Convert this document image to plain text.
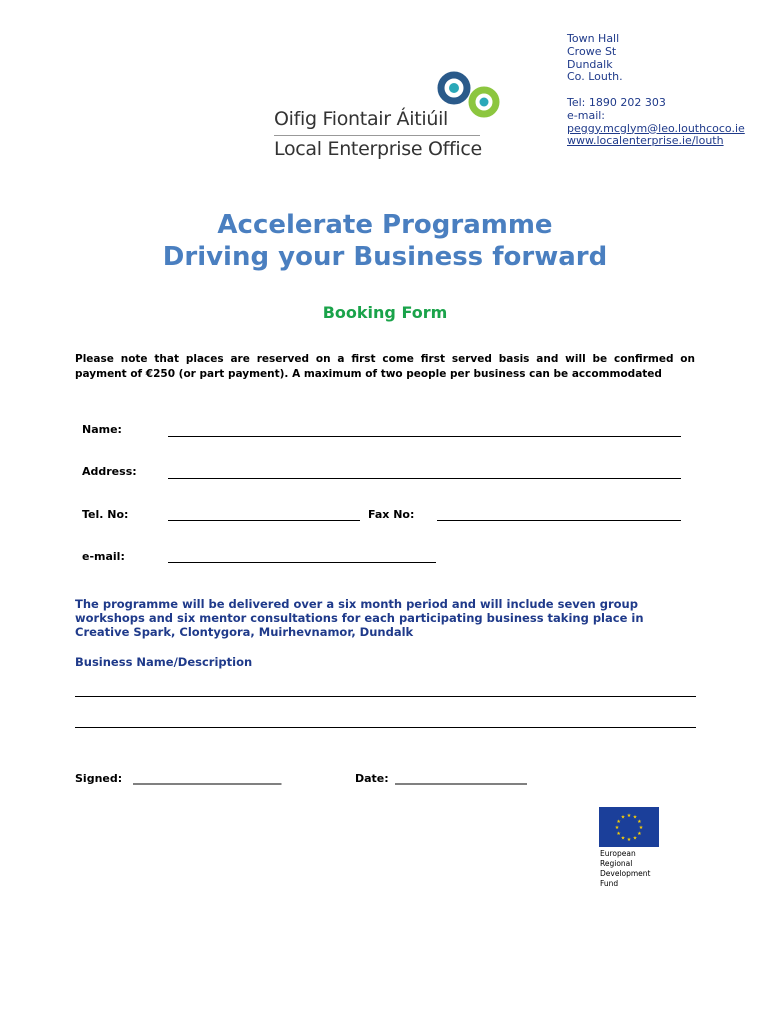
Oifig Fiontair Áitiúil
Local Enterprise Office
Town Hall
Crowe St
Dundalk
Co. Louth.
Tel: 1890 202 303
e-mail:
peggy.mcglym@leo.louthcoco.ie
www.localenterprise.ie/louth
Accelerate Programme
Driving your Business forward
Booking Form
Please note that places are reserved on a first come first served basis and will be confirmed on payment of €250 (or part payment). A maximum of two people per business can be accommodated
Name:
Address:
Tel. No:	Fax No:
e-mail:
The programme will be delivered over a six month period and will include seven group workshops and six mentor consultations for each participating business taking place in Creative Spark, Clontygora, Muirhevnamor, Dundalk
Business Name/Description
Signed: ___________________________	Date: ________________________
★
★
★
★
★
★
★
★
★ ★ ★
★
European
Regional
Development
Fund
